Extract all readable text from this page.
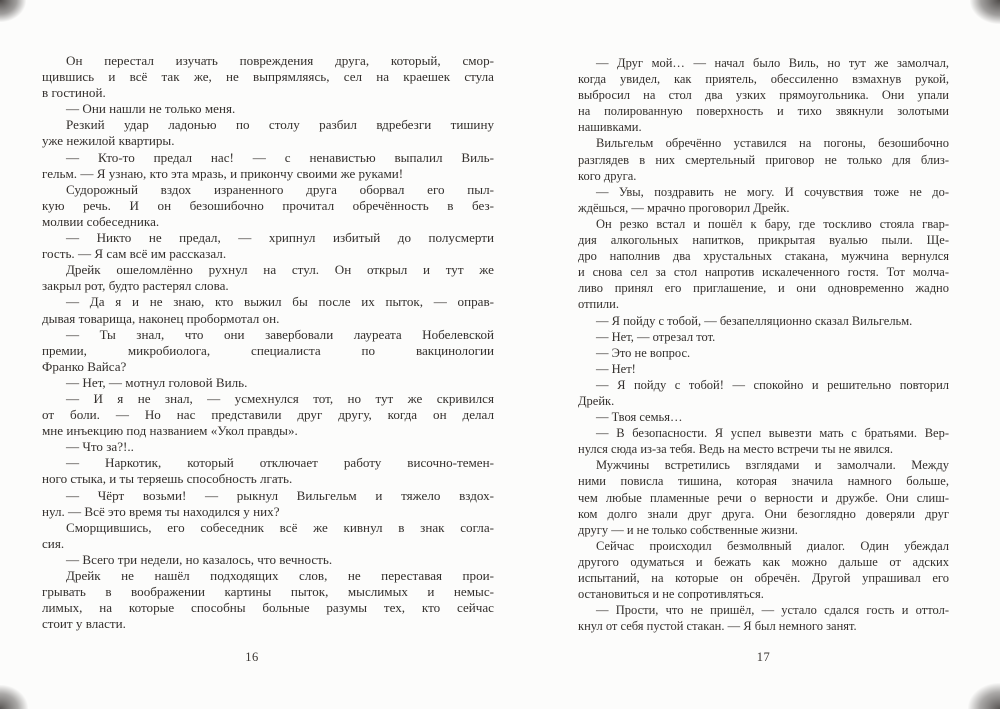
Он перестал изучать повреждения друга, который, смор-
щившись и всё так же, не выпрямляясь, сел на краешек стула
в гостиной.
— Они нашли не только меня.
Резкий удар ладонью по столу разбил вдребезги тишину
уже нежилой квартиры.
— Кто-то предал нас! — с ненавистью выпалил Виль-
гельм. — Я узнаю, кто эта мразь, и прикончу своими же руками!
Судорожный вздох израненного друга оборвал его пыл-
кую речь. И он безошибочно прочитал обречённость в без-
молвии собеседника.
— Никто не предал, — хрипнул избитый до полусмерти
гость. — Я сам всё им рассказал.
Дрейк ошеломлённо рухнул на стул. Он открыл и тут же
закрыл рот, будто растерял слова.
— Да я и не знаю, кто выжил бы после их пыток, — оправ-
дывая товарища, наконец пробормотал он.
— Ты знал, что они завербовали лауреата Нобелевской
премии, микробиолога, специалиста по вакцинологии
Франко Вайса?
— Нет, — мотнул головой Виль.
— И я не знал, — усмехнулся тот, но тут же скривился
от боли. — Но нас представили друг другу, когда он делал
мне инъекцию под названием «Укол правды».
— Что за?!..
— Наркотик, который отключает работу височно-темен-
ного стыка, и ты теряешь способность лгать.
— Чёрт возьми! — рыкнул Вильгельм и тяжело вздох-
нул. — Всё это время ты находился у них?
Сморщившись, его собеседник всё же кивнул в знак согла-
сия.
— Всего три недели, но казалось, что вечность.
Дрейк не нашёл подходящих слов, не переставая прои-
грывать в воображении картины пыток, мыслимых и немыс-
лимых, на которые способны больные разумы тех, кто сейчас
стоит у власти.
— Друг мой… — начал было Виль, но тут же замолчал,
когда увидел, как приятель, обессиленно взмахнув рукой,
выбросил на стол два узких прямоугольника. Они упали
на полированную поверхность и тихо звякнули золотыми
нашивками.
Вильгельм обречённо уставился на погоны, безошибочно
разглядев в них смертельный приговор не только для близ-
кого друга.
— Увы, поздравить не могу. И сочувствия тоже не до-
ждёшься, — мрачно проговорил Дрейк.
Он резко встал и пошёл к бару, где тоскливо стояла гвар-
дия алкогольных напитков, прикрытая вуалью пыли. Ще-
дро наполнив два хрустальных стакана, мужчина вернулся
и снова сел за стол напротив искалеченного гостя. Тот молча-
ливо принял его приглашение, и они одновременно жадно
отпили.
— Я пойду с тобой, — безапелляционно сказал Вильгельм.
— Нет, — отрезал тот.
— Это не вопрос.
— Нет!
— Я пойду с тобой! — спокойно и решительно повторил
Дрейк.
— Твоя семья…
— В безопасности. Я успел вывезти мать с братьями. Вер-
нулся сюда из-за тебя. Ведь на место встречи ты не явился.
Мужчины встретились взглядами и замолчали. Между
ними повисла тишина, которая значила намного больше,
чем любые пламенные речи о верности и дружбе. Они слиш-
ком долго знали друг друга. Они безоглядно доверяли друг
другу — и не только собственные жизни.
Сейчас происходил безмолвный диалог. Один убеждал
другого одуматься и бежать как можно дальше от адских
испытаний, на которые он обречён. Другой упрашивал его
остановиться и не сопротивляться.
— Прости, что не пришёл, — устало сдался гость и оттол-
кнул от себя пустой стакан. — Я был немного занят.
16	17
